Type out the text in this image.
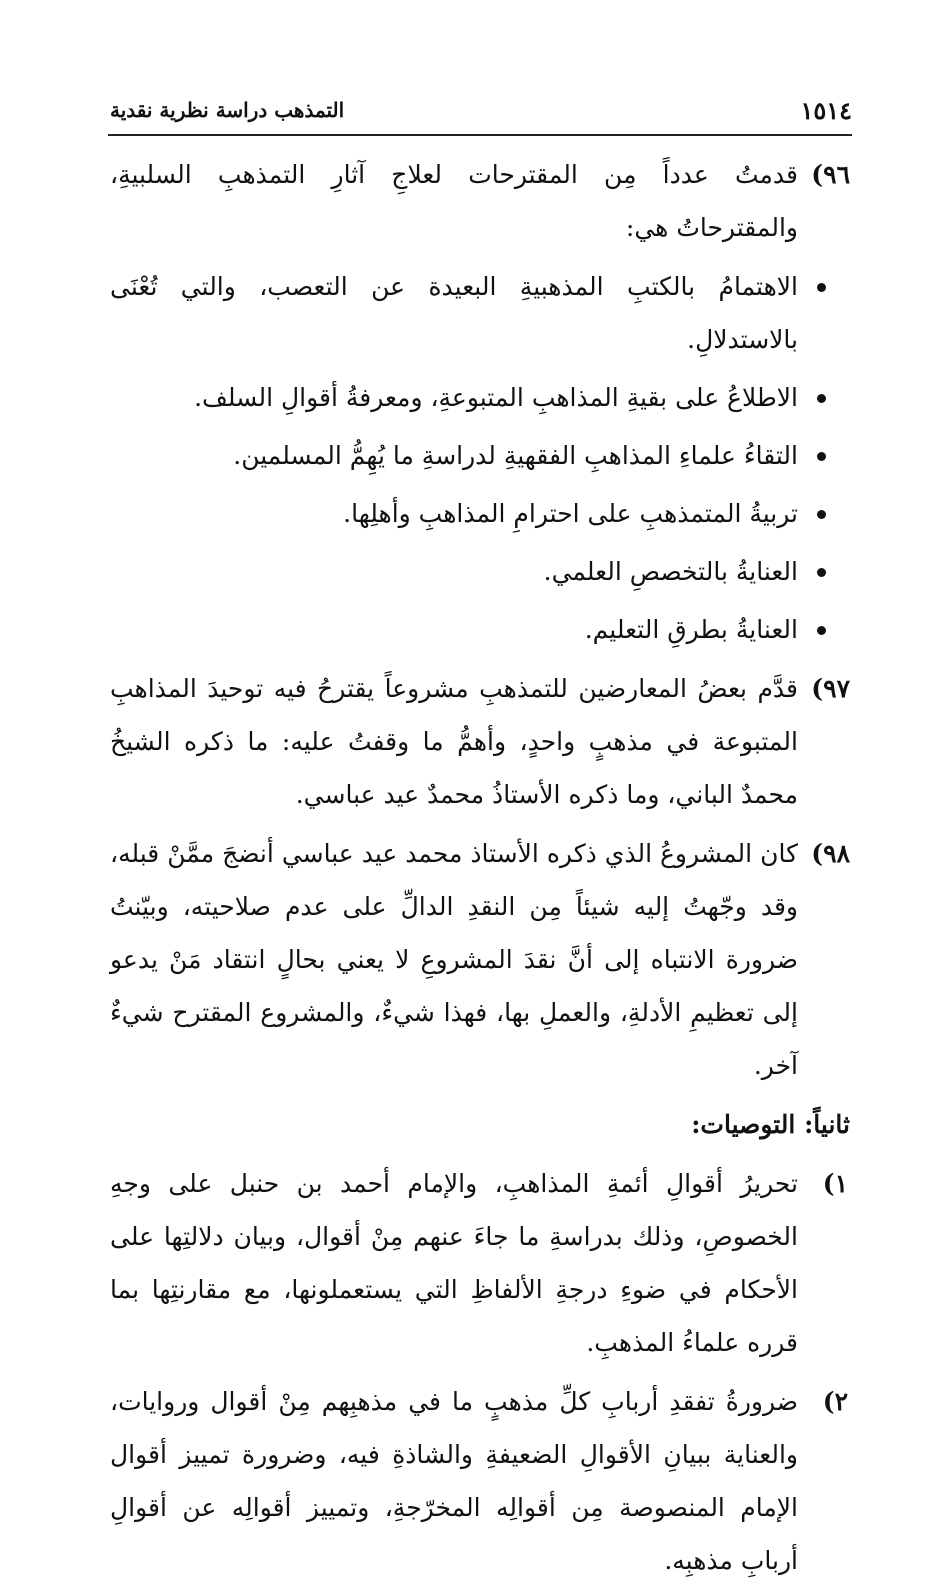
١٥١٤
التمذهب دراسة نظرية نقدية
٩٦)

قدمتُ عدداً مِن المقترحات لعلاجِ آثارِ التمذهبِ السلبيةِ، والمقترحاتُ هي:

الاهتمامُ بالكتبِ المذهبيةِ البعيدة عن التعصب، والتي تُعْنَى بالاستدلالِ.
الاطلاعُ على بقيةِ المذاهبِ المتبوعةِ، ومعرفةُ أقوالِ السلف.
التقاءُ علماءِ المذاهبِ الفقهيةِ لدراسةِ ما يُهِمُّ المسلمين.
تربيةُ المتمذهبِ على احترامِ المذاهبِ وأهلِها.
العنايةُ بالتخصصِ العلمي.
العنايةُ بطرقِ التعليم.
٩٧)

قدَّم بعضُ المعارضين للتمذهبِ مشروعاً يقترحُ فيه توحيدَ المذاهبِ المتبوعة في مذهبٍ واحدٍ، وأهمُّ ما وقفتُ عليه: ما ذكره الشيخُ محمدٌ الباني، وما ذكره الأستاذُ محمدٌ عيد عباسي.

٩٨)

كان المشروعُ الذي ذكره الأستاذ محمد عيد عباسي أنضجَ ممَّنْ قبله، وقد وجّهتُ إليه شيئاً مِن النقدِ الدالِّ على عدم صلاحيته، وبيّنتُ ضرورة الانتباه إلى أنَّ نقدَ المشروعِ لا يعني بحالٍ انتقاد مَنْ يدعو إلى تعظيمِ الأدلةِ، والعملِ بها، فهذا شيءٌ، والمشروع المقترح شيءٌ آخر.

ثانياً: التوصيات:
١)

تحريرُ أقوالِ أئمةِ المذاهبِ، والإمام أحمد بن حنبل على وجهِ الخصوصِ، وذلك بدراسةِ ما جاءَ عنهم مِنْ أقوال، وبيان دلالتِها على الأحكام في ضوءِ درجةِ الألفاظِ التي يستعملونها، مع مقارنتِها بما قرره علماءُ المذهبِ.

٢)

ضرورةُ تفقدِ أربابِ كلِّ مذهبٍ ما في مذهبِهم مِنْ أقوال وروايات، والعناية ببيانِ الأقوالِ الضعيفةِ والشاذةِ فيه، وضرورة تمييز أقوال الإمام المنصوصة مِن أقوالِه المخرّجةِ، وتمييز أقوالِه عن أقوالِ أربابِ مذهبِه.
